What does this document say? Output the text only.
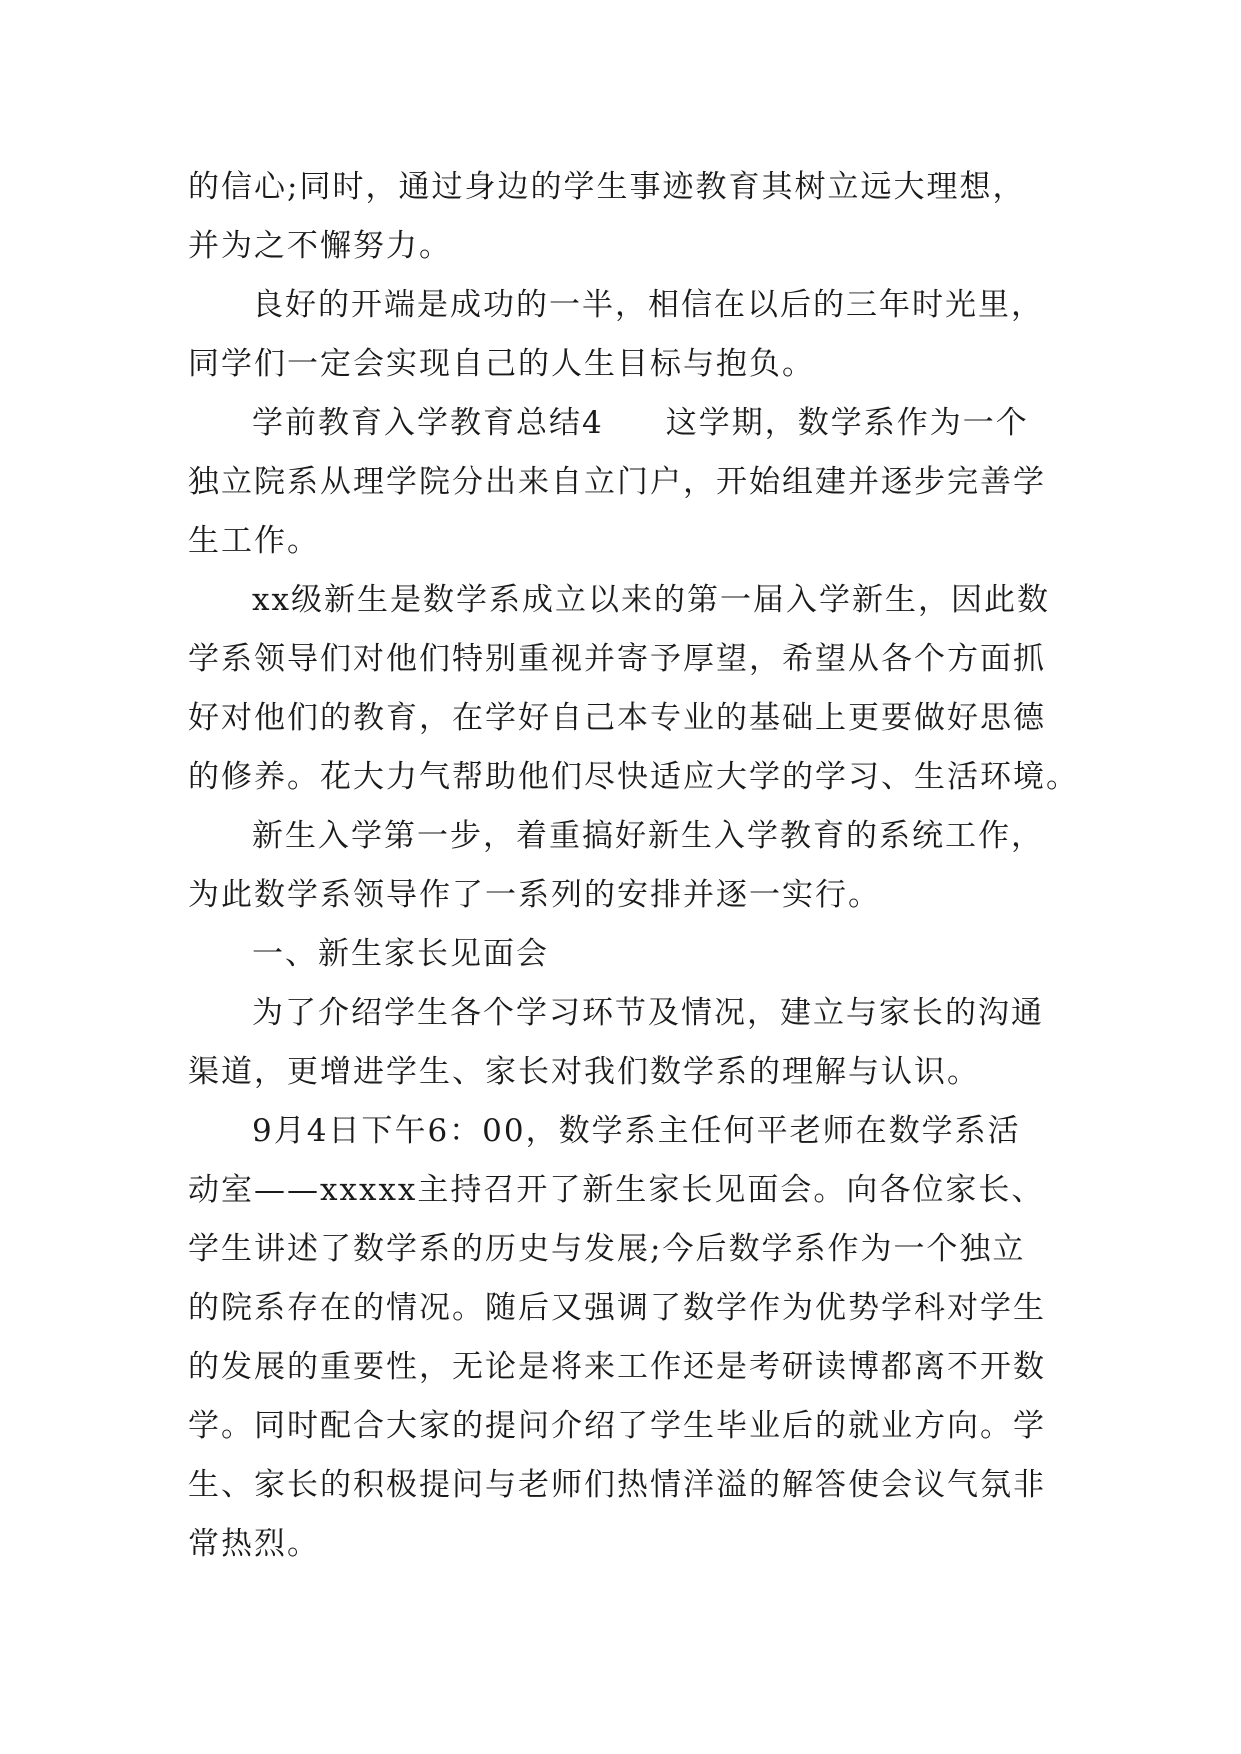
的信心;同时，通过身边的学生事迹教育其树立远大理想，
并为之不懈努力。
良好的开端是成功的一半，相信在以后的三年时光里，
同学们一定会实现自己的人生目标与抱负。
学前教育入学教育总结4 这学期，数学系作为一个
独立院系从理学院分出来自立门户，开始组建并逐步完善学
生工作。
xx级新生是数学系成立以来的第一届入学新生，因此数
学系领导们对他们特别重视并寄予厚望，希望从各个方面抓
好对他们的教育，在学好自己本专业的基础上更要做好思德
的修养。花大力气帮助他们尽快适应大学的学习、生活环境。
新生入学第一步，着重搞好新生入学教育的系统工作，
为此数学系领导作了一系列的安排并逐一实行。
一、新生家长见面会
为了介绍学生各个学习环节及情况，建立与家长的沟通
渠道，更增进学生、家长对我们数学系的理解与认识。
9月4日下午6：00，数学系主任何平老师在数学系活
动室——xxxxx主持召开了新生家长见面会。向各位家长、
学生讲述了数学系的历史与发展;今后数学系作为一个独立
的院系存在的情况。随后又强调了数学作为优势学科对学生
的发展的重要性，无论是将来工作还是考研读博都离不开数
学。同时配合大家的提问介绍了学生毕业后的就业方向。学
生、家长的积极提问与老师们热情洋溢的解答使会议气氛非
常热烈。
